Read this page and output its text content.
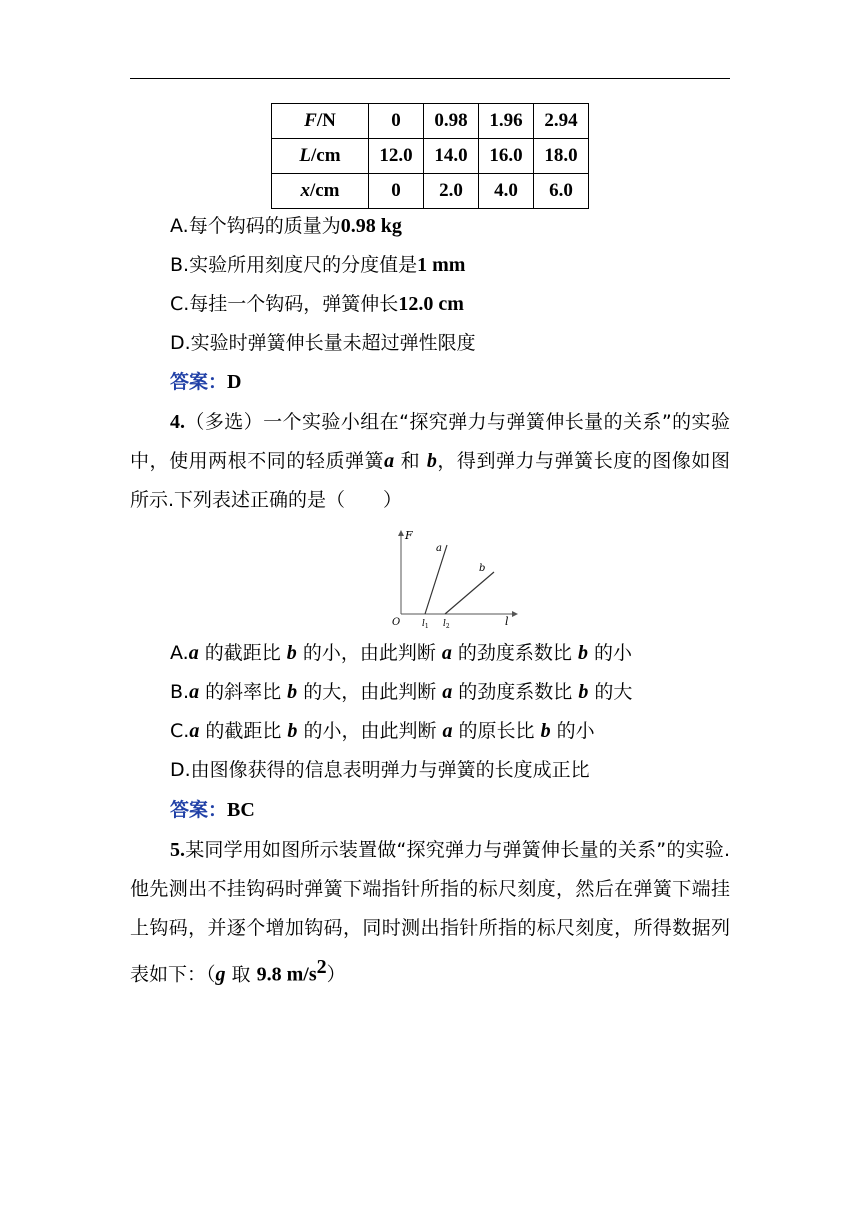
F/N	0	0.98	1.96	2.94
L/cm	12.0	14.0	16.0	18.0
x/cm	0	2.0	4.0	6.0
A.每个钩码的质量为0.98 kg
B.实验所用刻度尺的分度值是1 mm
C.每挂一个钩码，弹簧伸长12.0 cm
D.实验时弹簧伸长量未超过弹性限度
答案：D
4.（多选）一个实验小组在“探究弹力与弹簧伸长量的关系”的实验中，使用两根不同的轻质弹簧a 和 b，得到弹力与弹簧长度的图像如图所示.下列表述正确的是（　　）
F
l
O
a
b
$l_1$ $l_2$
A.a 的截距比 b 的小，由此判断 a 的劲度系数比 b 的小
B.a 的斜率比 b 的大，由此判断 a 的劲度系数比 b 的大
C.a 的截距比 b 的小，由此判断 a 的原长比 b 的小
D.由图像获得的信息表明弹力与弹簧的长度成正比
答案：BC
5.某同学用如图所示装置做“探究弹力与弹簧伸长量的关系”的实验.他先测出不挂钩码时弹簧下端指针所指的标尺刻度，然后在弹簧下端挂上钩码，并逐个增加钩码，同时测出指针所指的标尺刻度，所得数据列表如下：（g 取 9.8 $m/s^2$）
